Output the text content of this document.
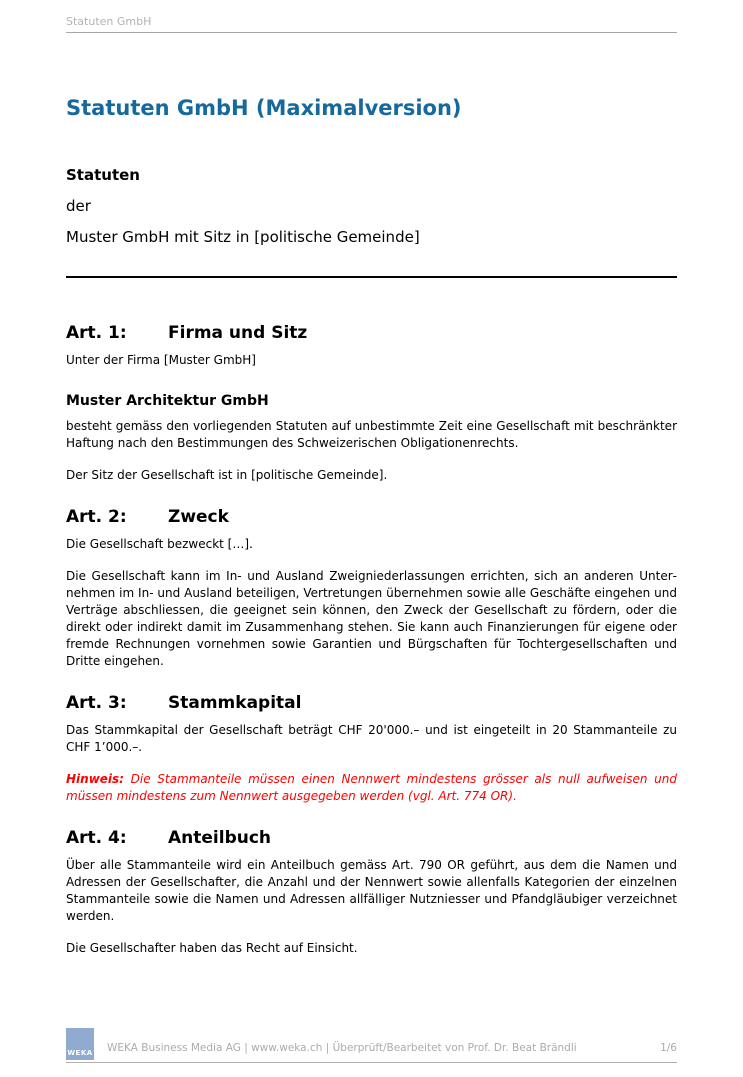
Statuten GmbH
Statuten GmbH (Maximalversion)

Statuten

der

Muster GmbH mit Sitz in [politische Gemeinde]

Art. 1: Firma und Sitz

Unter der Firma [Muster GmbH]

Muster Architektur GmbH

besteht gemäss den vorliegenden Statuten auf unbestimmte Zeit eine Gesellschaft mit beschränkter Haftung nach den Bestimmungen des Schweizerischen Obligationenrechts.

Der Sitz der Gesellschaft ist in [politische Gemeinde].

Art. 2: Zweck

Die Gesellschaft bezweckt […].

Die Gesellschaft kann im In- und Ausland Zweigniederlassungen errichten, sich an anderen Unternehmen im In- und Ausland beteiligen, Vertretungen übernehmen sowie alle Geschäfte eingehen und Verträge abschliessen, die geeignet sein können, den Zweck der Gesellschaft zu fördern, oder die direkt oder indirekt damit im Zusammenhang stehen. Sie kann auch Finanzierungen für eigene oder fremde Rechnungen vornehmen sowie Garantien und Bürgschaften für Tochtergesellschaften und Dritte eingehen.

Art. 3: Stammkapital

Das Stammkapital der Gesellschaft beträgt CHF 20'000.– und ist eingeteilt in 20 Stammanteile zu CHF 1’000.–.

Hinweis: Die Stammanteile müssen einen Nennwert mindestens grösser als null aufweisen und müssen mindestens zum Nennwert ausgegeben werden (vgl. Art. 774 OR).

Art. 4: Anteilbuch

Über alle Stammanteile wird ein Anteilbuch gemäss Art. 790 OR geführt, aus dem die Namen und Adressen der Gesellschafter, die Anzahl und der Nennwert sowie allenfalls Kategorien der einzelnen Stammanteile sowie die Namen und Adressen allfälliger Nutzniesser und Pfandgläubiger verzeichnet werden.

Die Gesellschafter haben das Recht auf Einsicht.

WEKA WEKA Business Media AG | www.weka.ch | Überprüft/Bearbeitet von Prof. Dr. Beat Brändli	1/6
